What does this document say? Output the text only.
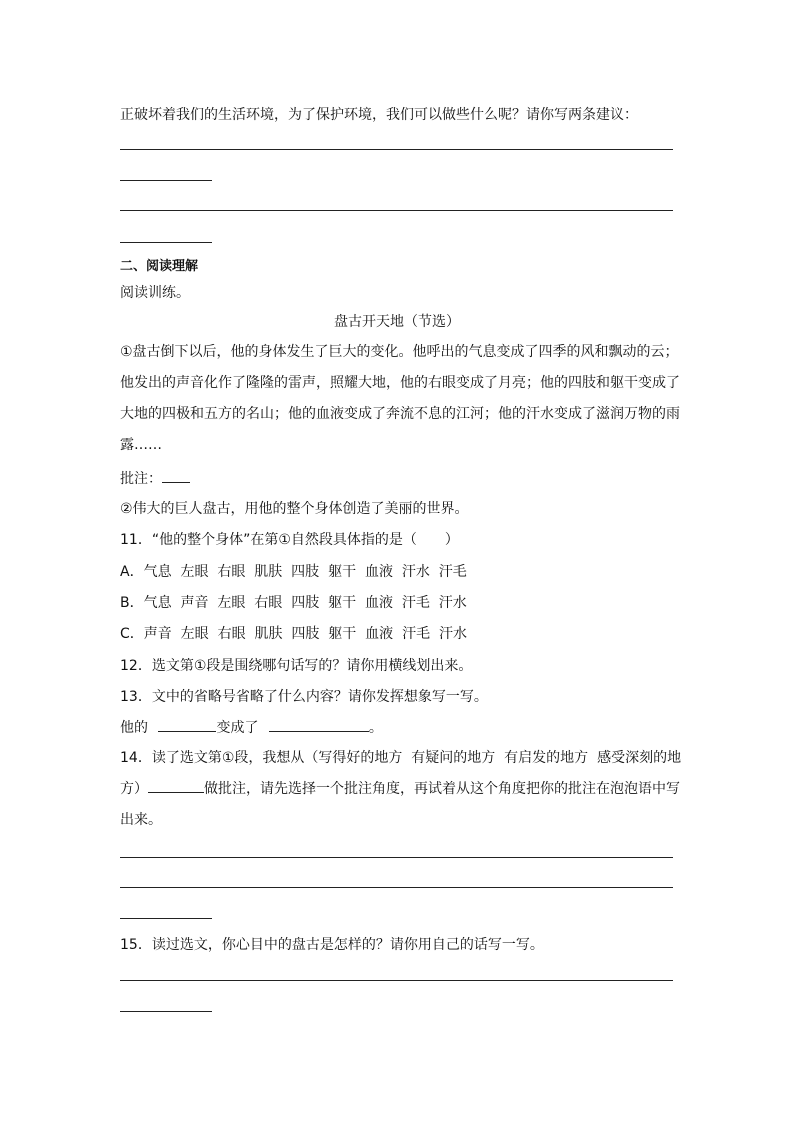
正破坏着我们的生活环境，为了保护环境，我们可以做些什么呢？请你写两条建议：
二、阅读理解
阅读训练。
盘古开天地（节选）
①盘古倒下以后，他的身体发生了巨大的变化。他呼出的气息变成了四季的风和飘动的云；
他发出的声音化作了隆隆的雷声，照耀大地，他的右眼变成了月亮；他的四肢和躯干变成了
大地的四极和五方的名山；他的血液变成了奔流不息的江河；他的汗水变成了滋润万物的雨
露……
批注：
②伟大的巨人盘古，用他的整个身体创造了美丽的世界。
11．“他的整个身体”在第①自然段具体指的是（　　）
A．气息  左眼  右眼  肌肤  四肢  躯干  血液  汗水  汗毛
B．气息  声音  左眼  右眼  四肢  躯干  血液  汗毛  汗水
C．声音  左眼  右眼  肌肤  四肢  躯干  血液  汗毛  汗水
12．选文第①段是围绕哪句话写的？请你用横线划出来。
13．文中的省略号省略了什么内容？请你发挥想象写一写。
他的	变成了	。
14．读了选文第①段，我想从（写得好的地方  有疑问的地方  有启发的地方  感受深刻的地
方）	做批注，请先选择一个批注角度，再试着从这个角度把你的批注在泡泡语中写
出来。
15．读过选文，你心目中的盘古是怎样的？请你用自己的话写一写。
